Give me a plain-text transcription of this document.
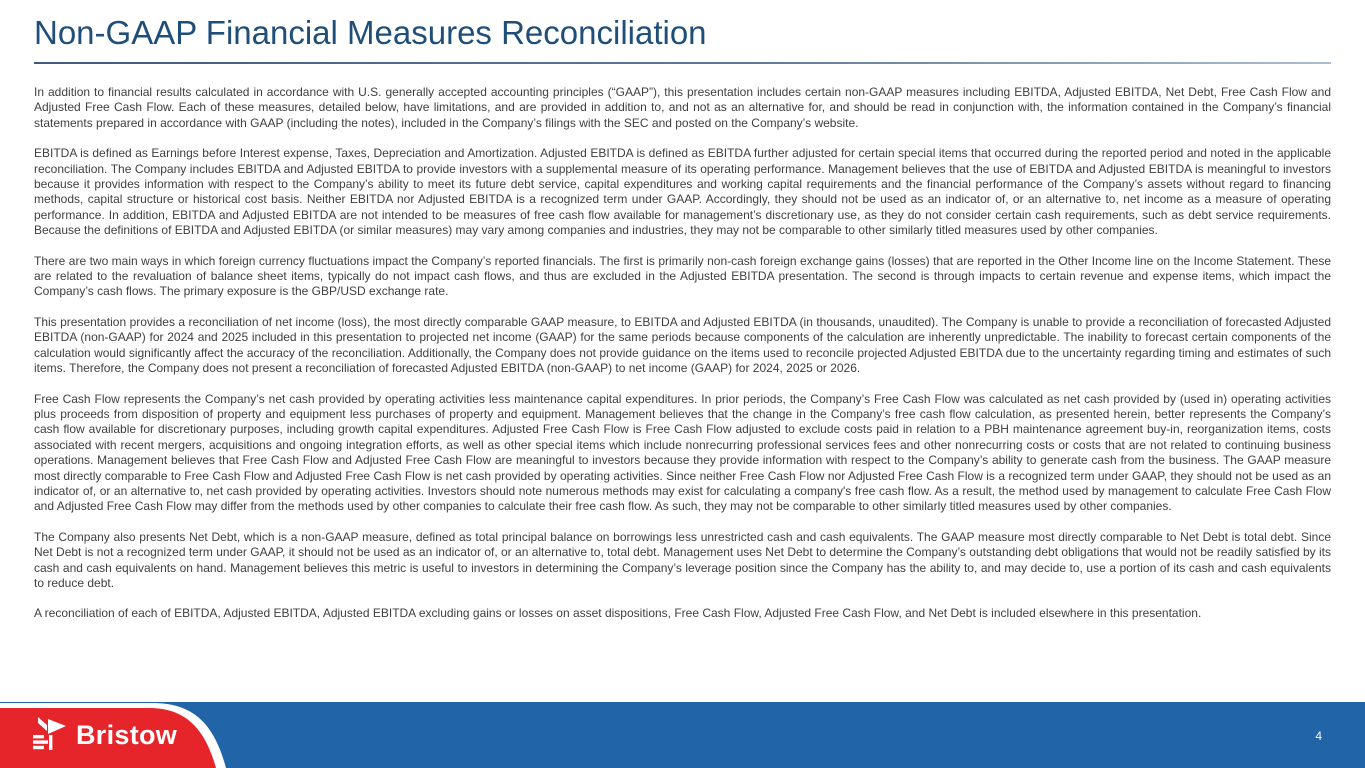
Non-GAAP Financial Measures Reconciliation

In addition to financial results calculated in accordance with U.S. generally accepted accounting principles (“GAAP”), this presentation includes certain non-GAAP measures including EBITDA, Adjusted EBITDA, Net Debt, Free Cash Flow and Adjusted Free Cash Flow. Each of these measures, detailed below, have limitations, and are provided in addition to, and not as an alternative for, and should be read in conjunction with, the information contained in the Company’s financial statements prepared in accordance with GAAP (including the notes), included in the Company’s filings with the SEC and posted on the Company’s website.

EBITDA is defined as Earnings before Interest expense, Taxes, Depreciation and Amortization. Adjusted EBITDA is defined as EBITDA further adjusted for certain special items that occurred during the reported period and noted in the applicable reconciliation. The Company includes EBITDA and Adjusted EBITDA to provide investors with a supplemental measure of its operating performance. Management believes that the use of EBITDA and Adjusted EBITDA is meaningful to investors because it provides information with respect to the Company’s ability to meet its future debt service, capital expenditures and working capital requirements and the financial performance of the Company’s assets without regard to financing methods, capital structure or historical cost basis. Neither EBITDA nor Adjusted EBITDA is a recognized term under GAAP. Accordingly, they should not be used as an indicator of, or an alternative to, net income as a measure of operating performance. In addition, EBITDA and Adjusted EBITDA are not intended to be measures of free cash flow available for management’s discretionary use, as they do not consider certain cash requirements, such as debt service requirements. Because the definitions of EBITDA and Adjusted EBITDA (or similar measures) may vary among companies and industries, they may not be comparable to other similarly titled measures used by other companies.

There are two main ways in which foreign currency fluctuations impact the Company’s reported financials. The first is primarily non-cash foreign exchange gains (losses) that are reported in the Other Income line on the Income Statement. These are related to the revaluation of balance sheet items, typically do not impact cash flows, and thus are excluded in the Adjusted EBITDA presentation. The second is through impacts to certain revenue and expense items, which impact the Company’s cash flows. The primary exposure is the GBP/USD exchange rate.

This presentation provides a reconciliation of net income (loss), the most directly comparable GAAP measure, to EBITDA and Adjusted EBITDA (in thousands, unaudited). The Company is unable to provide a reconciliation of forecasted Adjusted EBITDA (non-GAAP) for 2024 and 2025 included in this presentation to projected net income (GAAP) for the same periods because components of the calculation are inherently unpredictable. The inability to forecast certain components of the calculation would significantly affect the accuracy of the reconciliation. Additionally, the Company does not provide guidance on the items used to reconcile projected Adjusted EBITDA due to the uncertainty regarding timing and estimates of such items. Therefore, the Company does not present a reconciliation of forecasted Adjusted EBITDA (non-GAAP) to net income (GAAP) for 2024, 2025 or 2026.

Free Cash Flow represents the Company’s net cash provided by operating activities less maintenance capital expenditures. In prior periods, the Company’s Free Cash Flow was calculated as net cash provided by (used in) operating activities plus proceeds from disposition of property and equipment less purchases of property and equipment. Management believes that the change in the Company’s free cash flow calculation, as presented herein, better represents the Company’s cash flow available for discretionary purposes, including growth capital expenditures. Adjusted Free Cash Flow is Free Cash Flow adjusted to exclude costs paid in relation to a PBH maintenance agreement buy-in, reorganization items, costs associated with recent mergers, acquisitions and ongoing integration efforts, as well as other special items which include nonrecurring professional services fees and other nonrecurring costs or costs that are not related to continuing business operations. Management believes that Free Cash Flow and Adjusted Free Cash Flow are meaningful to investors because they provide information with respect to the Company’s ability to generate cash from the business. The GAAP measure most directly comparable to Free Cash Flow and Adjusted Free Cash Flow is net cash provided by operating activities. Since neither Free Cash Flow nor Adjusted Free Cash Flow is a recognized term under GAAP, they should not be used as an indicator of, or an alternative to, net cash provided by operating activities. Investors should note numerous methods may exist for calculating a company's free cash flow. As a result, the method used by management to calculate Free Cash Flow and Adjusted Free Cash Flow may differ from the methods used by other companies to calculate their free cash flow. As such, they may not be comparable to other similarly titled measures used by other companies.

The Company also presents Net Debt, which is a non-GAAP measure, defined as total principal balance on borrowings less unrestricted cash and cash equivalents. The GAAP measure most directly comparable to Net Debt is total debt. Since Net Debt is not a recognized term under GAAP, it should not be used as an indicator of, or an alternative to, total debt. Management uses Net Debt to determine the Company’s outstanding debt obligations that would not be readily satisfied by its cash and cash equivalents on hand. Management believes this metric is useful to investors in determining the Company’s leverage position since the Company has the ability to, and may decide to, use a portion of its cash and cash equivalents to reduce debt.

A reconciliation of each of EBITDA, Adjusted EBITDA, Adjusted EBITDA excluding gains or losses on asset dispositions, Free Cash Flow, Adjusted Free Cash Flow, and Net Debt is included elsewhere in this presentation.

Bristow	4
